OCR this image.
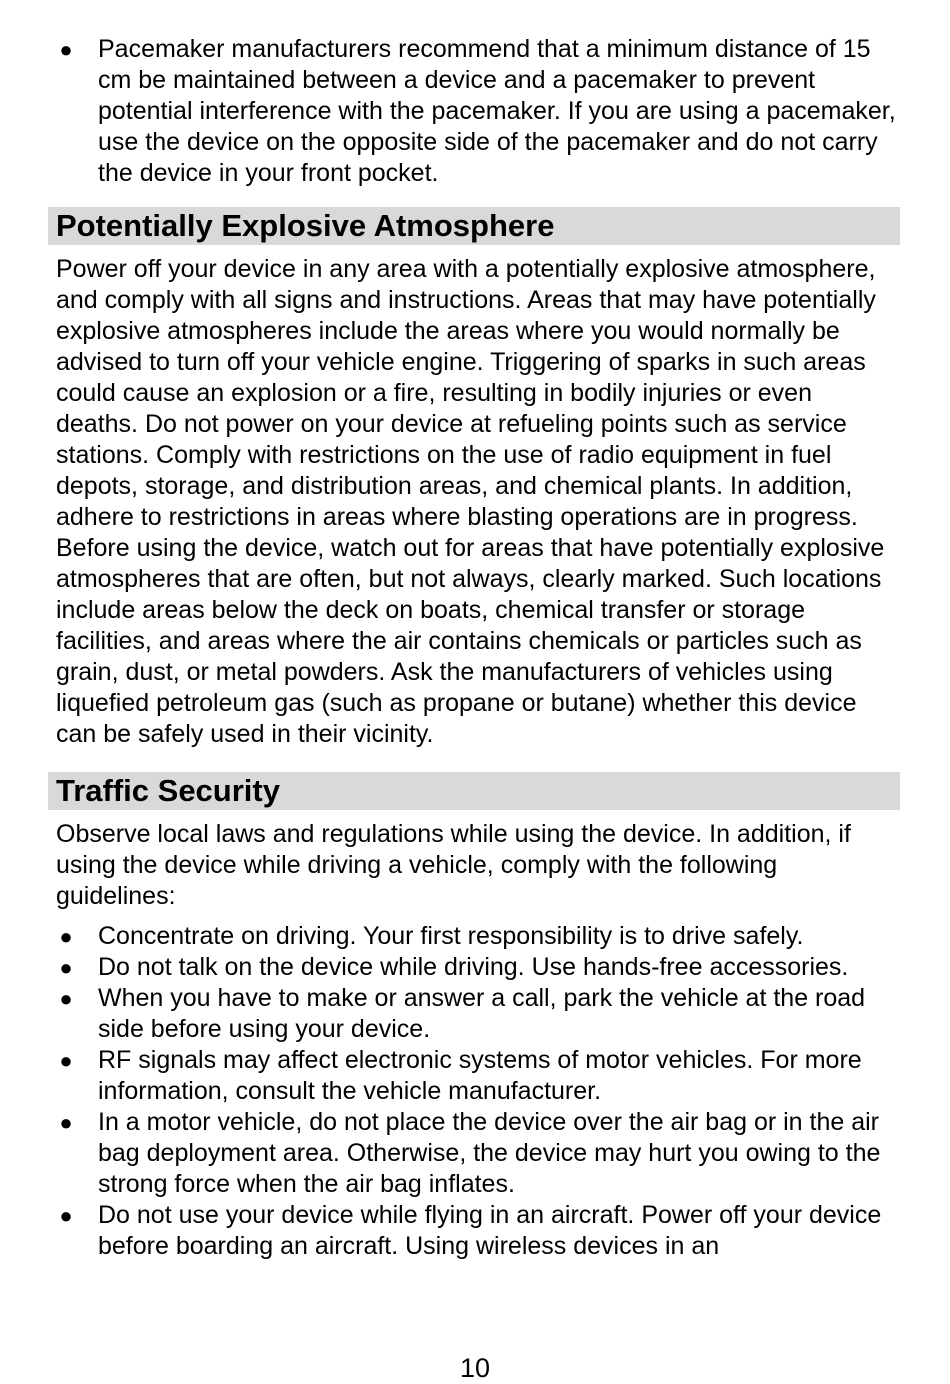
● Pacemaker manufacturers recommend that a minimum distance of 15 cm be maintained between a device and a pacemaker to prevent potential interference with the pacemaker. If you are using a pacemaker, use the device on the opposite side of the pacemaker and do not carry the device in your front pocket.
Potentially Explosive Atmosphere

Power off your device in any area with a potentially explosive atmosphere, and comply with all signs and instructions. Areas that may have potentially explosive atmospheres include the areas where you would normally be advised to turn off your vehicle engine. Triggering of sparks in such areas could cause an explosion or a fire, resulting in bodily injuries or even deaths. Do not power on your device at refueling points such as service stations. Comply with restrictions on the use of radio equipment in fuel depots, storage, and distribution areas, and chemical plants. In addition, adhere to restrictions in areas where blasting operations are in progress. Before using the device, watch out for areas that have potentially explosive atmospheres that are often, but not always, clearly marked. Such locations include areas below the deck on boats, chemical transfer or storage facilities, and areas where the air contains chemicals or particles such as grain, dust, or metal powders. Ask the manufacturers of vehicles using liquefied petroleum gas (such as propane or butane) whether this device can be safely used in their vicinity.

Traffic Security

Observe local laws and regulations while using the device. In addition, if using the device while driving a vehicle, comply with the following guidelines:

● Concentrate on driving. Your first responsibility is to drive safely.
● Do not talk on the device while driving. Use hands-free accessories.
● When you have to make or answer a call, park the vehicle at the road side before using your device.
● RF signals may affect electronic systems of motor vehicles. For more information, consult the vehicle manufacturer.
● In a motor vehicle, do not place the device over the air bag or in the air bag deployment area. Otherwise, the device may hurt you owing to the strong force when the air bag inflates.
● Do not use your device while flying in an aircraft. Power off your device before boarding an aircraft. Using wireless devices in an
10
